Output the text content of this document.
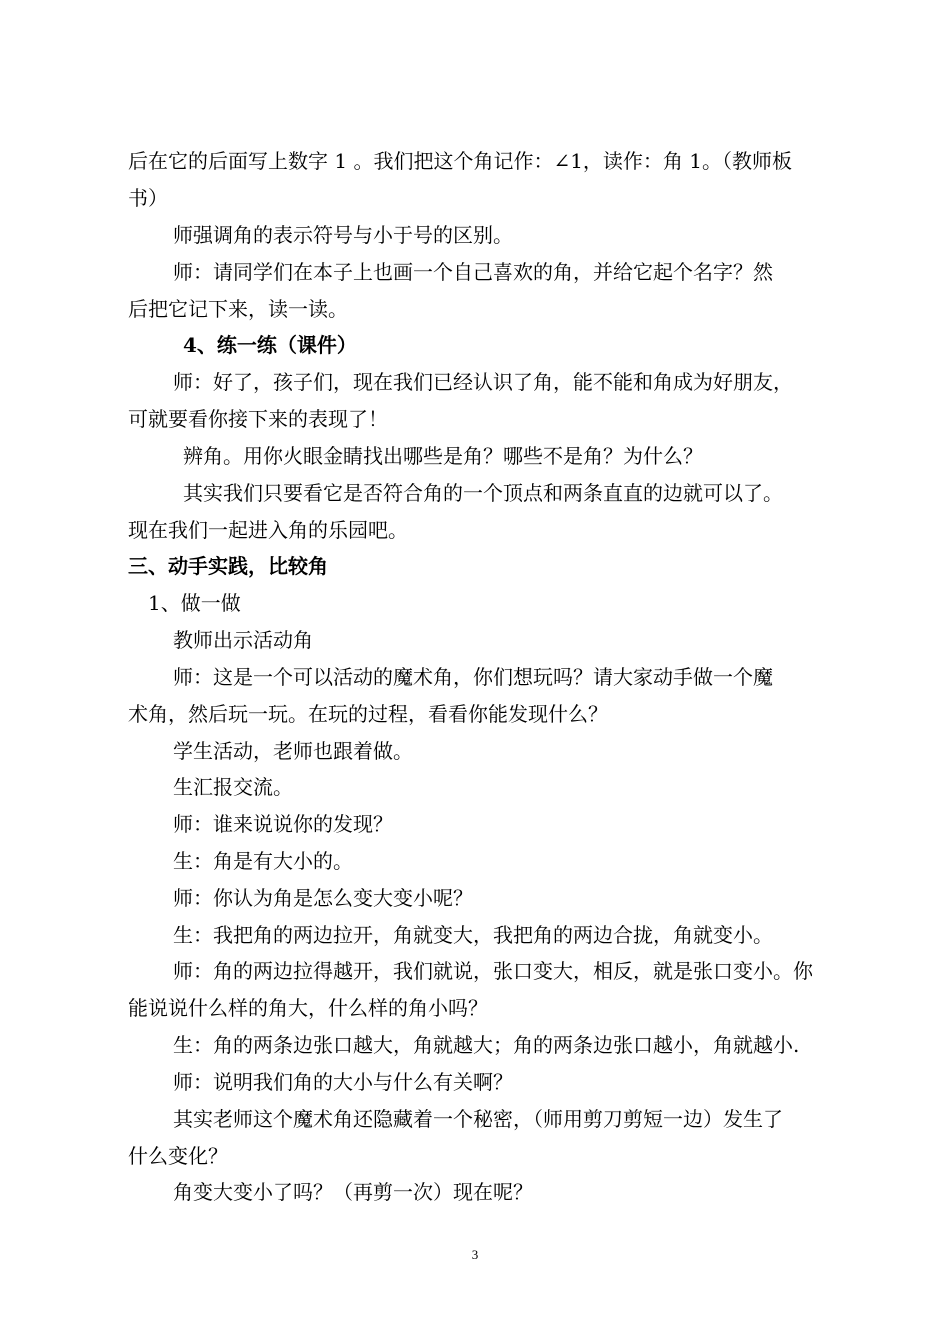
后在它的后面写上数字 1 。我们把这个角记作：∠1，读作：角 1。（教师板
书）
师强调角的表示符号与小于号的区别。
师：请同学们在本子上也画一个自己喜欢的角，并给它起个名字？然
后把它记下来，读一读。
4、练一练（课件）
师：好了，孩子们，现在我们已经认识了角，能不能和角成为好朋友，
可就要看你接下来的表现了！
辨角。用你火眼金睛找出哪些是角？哪些不是角？为什么？
其实我们只要看它是否符合角的一个顶点和两条直直的边就可以了。
现在我们一起进入角的乐园吧。
三、动手实践，比较角
1、做一做
教师出示活动角
师：这是一个可以活动的魔术角，你们想玩吗？请大家动手做一个魔
术角，然后玩一玩。在玩的过程，看看你能发现什么？
学生活动，老师也跟着做。
生汇报交流。
师：谁来说说你的发现？
生：角是有大小的。
师：你认为角是怎么变大变小呢？
生：我把角的两边拉开，角就变大，我把角的两边合拢，角就变小。
师：角的两边拉得越开，我们就说，张口变大，相反，就是张口变小。你
能说说什么样的角大，什么样的角小吗？
生：角的两条边张口越大，角就越大；角的两条边张口越小，角就越小.
师：说明我们角的大小与什么有关啊？
其实老师这个魔术角还隐藏着一个秘密，（师用剪刀剪短一边）发生了
什么变化？
角变大变小了吗？（再剪一次）现在呢？
3
